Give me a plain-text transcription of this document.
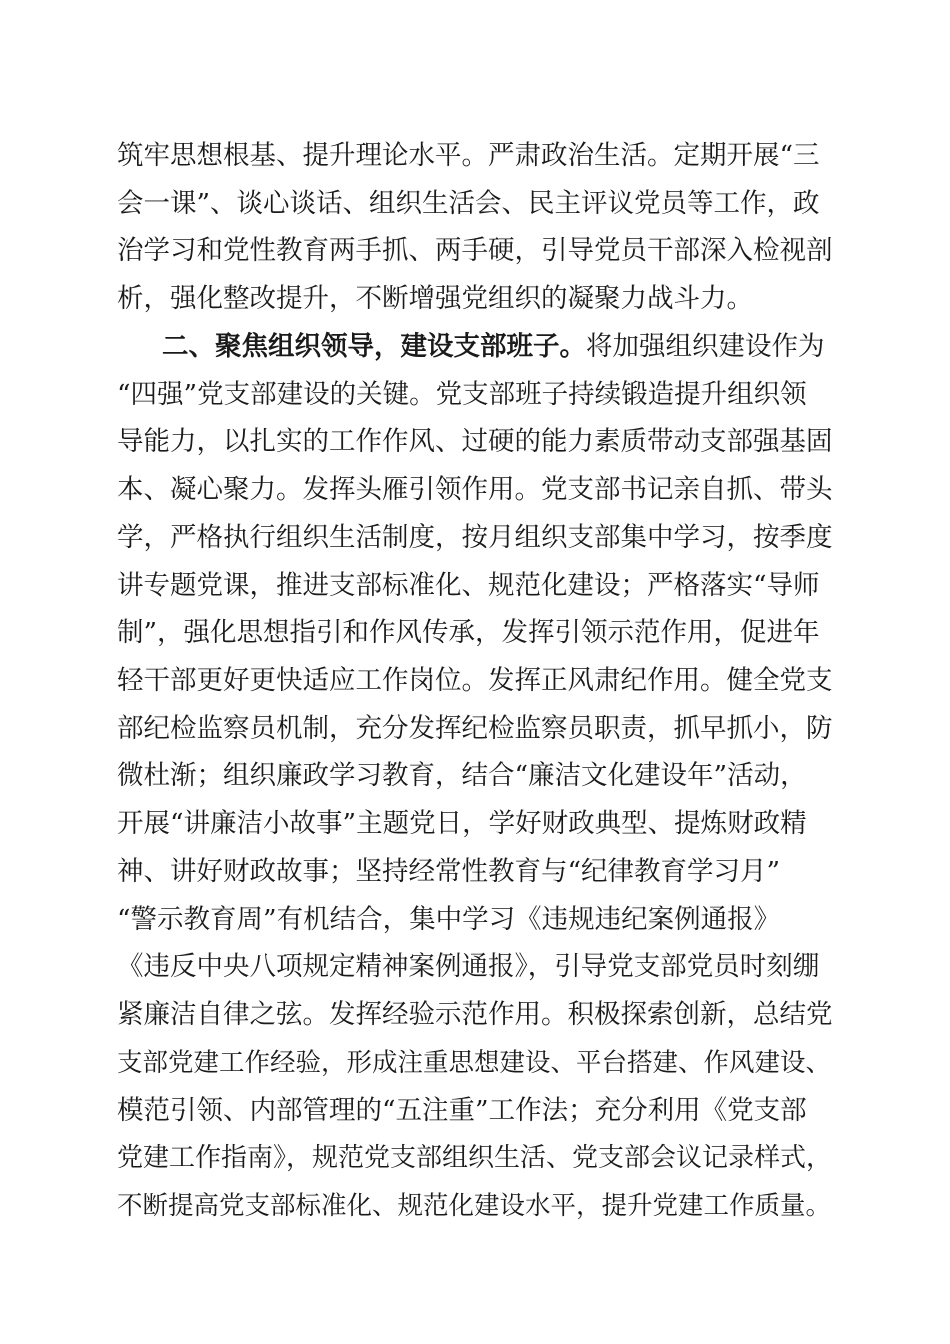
筑牢思想根基、提升理论水平。严肃政治生活。定期开展“三
会一课”、谈心谈话、组织生活会、民主评议党员等工作，政
治学习和党性教育两手抓、两手硬，引导党员干部深入检视剖
析，强化整改提升，不断增强党组织的凝聚力战斗力。
二、聚焦组织领导，建设支部班子。将加强组织建设作为
“四强”党支部建设的关键。党支部班子持续锻造提升组织领
导能力，以扎实的工作作风、过硬的能力素质带动支部强基固
本、凝心聚力。发挥头雁引领作用。党支部书记亲自抓、带头
学，严格执行组织生活制度，按月组织支部集中学习，按季度
讲专题党课，推进支部标准化、规范化建设；严格落实“导师
制”，强化思想指引和作风传承，发挥引领示范作用，促进年
轻干部更好更快适应工作岗位。发挥正风肃纪作用。健全党支
部纪检监察员机制，充分发挥纪检监察员职责，抓早抓小，防
微杜渐；组织廉政学习教育，结合“廉洁文化建设年”活动，
开展“讲廉洁小故事”主题党日，学好财政典型、提炼财政精
神、讲好财政故事；坚持经常性教育与“纪律教育学习月”
“警示教育周”有机结合，集中学习《违规违纪案例通报》
《违反中央八项规定精神案例通报》，引导党支部党员时刻绷
紧廉洁自律之弦。发挥经验示范作用。积极探索创新，总结党
支部党建工作经验，形成注重思想建设、平台搭建、作风建设、
模范引领、内部管理的“五注重”工作法；充分利用《党支部
党建工作指南》，规范党支部组织生活、党支部会议记录样式，
不断提高党支部标准化、规范化建设水平，提升党建工作质量。
